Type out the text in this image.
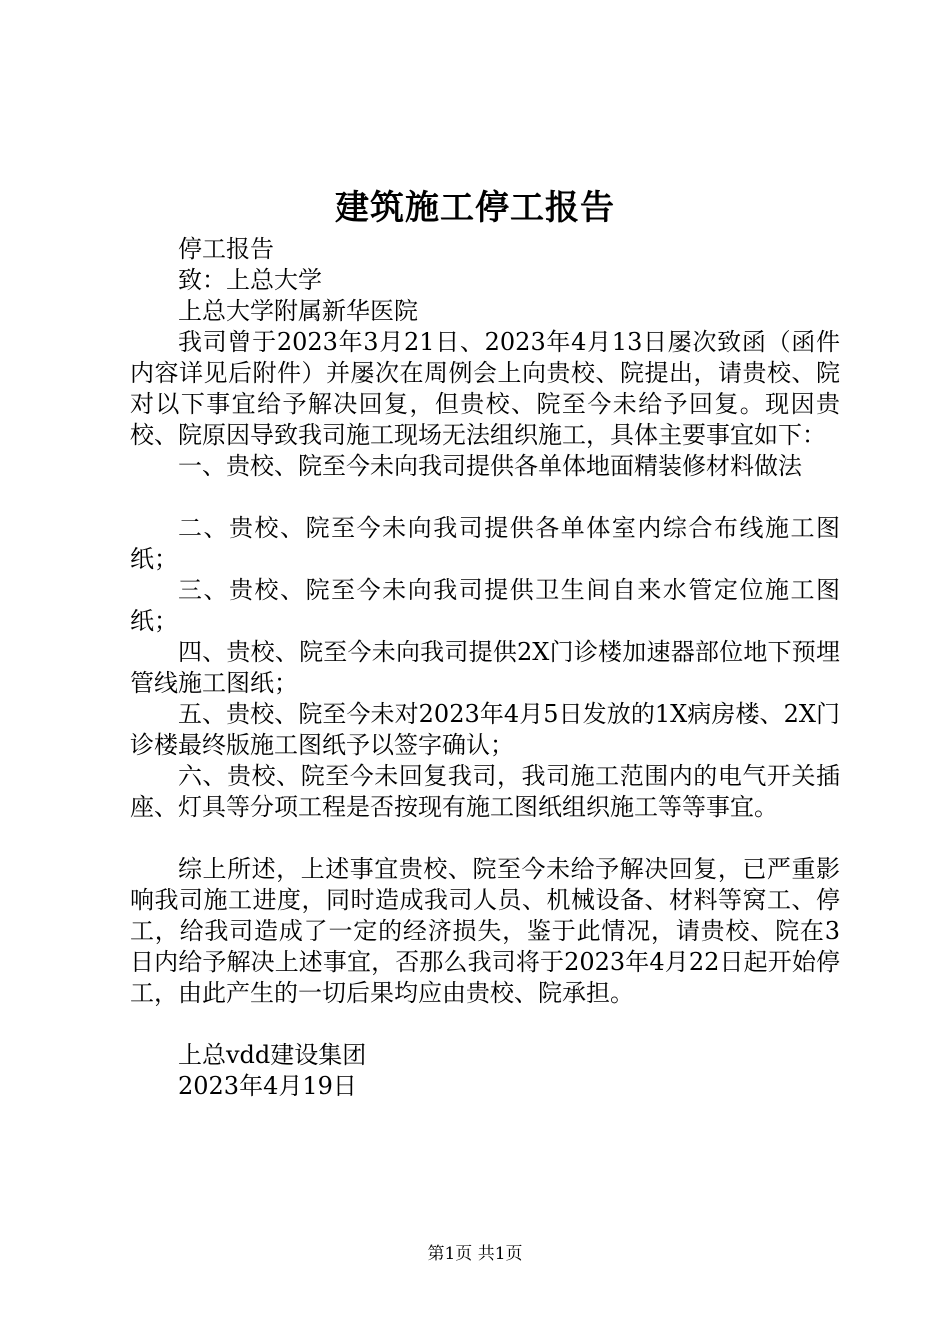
建筑施工停工报告

停工报告

致：上总大学

上总大学附属新华医院

我司曾于2023年3月21日、2023年4月13日屡次致函（函件内容详见后附件）并屡次在周例会上向贵校、院提出，请贵校、院对以下事宜给予解决回复，但贵校、院至今未给予回复。现因贵校、院原因导致我司施工现场无法组织施工，具体主要事宜如下：

一、贵校、院至今未向我司提供各单体地面精装修材料做法

二、贵校、院至今未向我司提供各单体室内综合布线施工图纸；

三、贵校、院至今未向我司提供卫生间自来水管定位施工图纸；

四、贵校、院至今未向我司提供2X门诊楼加速器部位地下预埋管线施工图纸；

五、贵校、院至今未对2023年4月5日发放的1X病房楼、2X门诊楼最终版施工图纸予以签字确认；

六、贵校、院至今未回复我司，我司施工范围内的电气开关插座、灯具等分项工程是否按现有施工图纸组织施工等等事宜。

综上所述，上述事宜贵校、院至今未给予解决回复，已严重影响我司施工进度，同时造成我司人员、机械设备、材料等窝工、停工，给我司造成了一定的经济损失，鉴于此情况，请贵校、院在3日内给予解决上述事宜，否那么我司将于2023年4月22日起开始停工，由此产生的一切后果均应由贵校、院承担。

上总vdd建设集团

2023年4月19日

第1页 共1页
